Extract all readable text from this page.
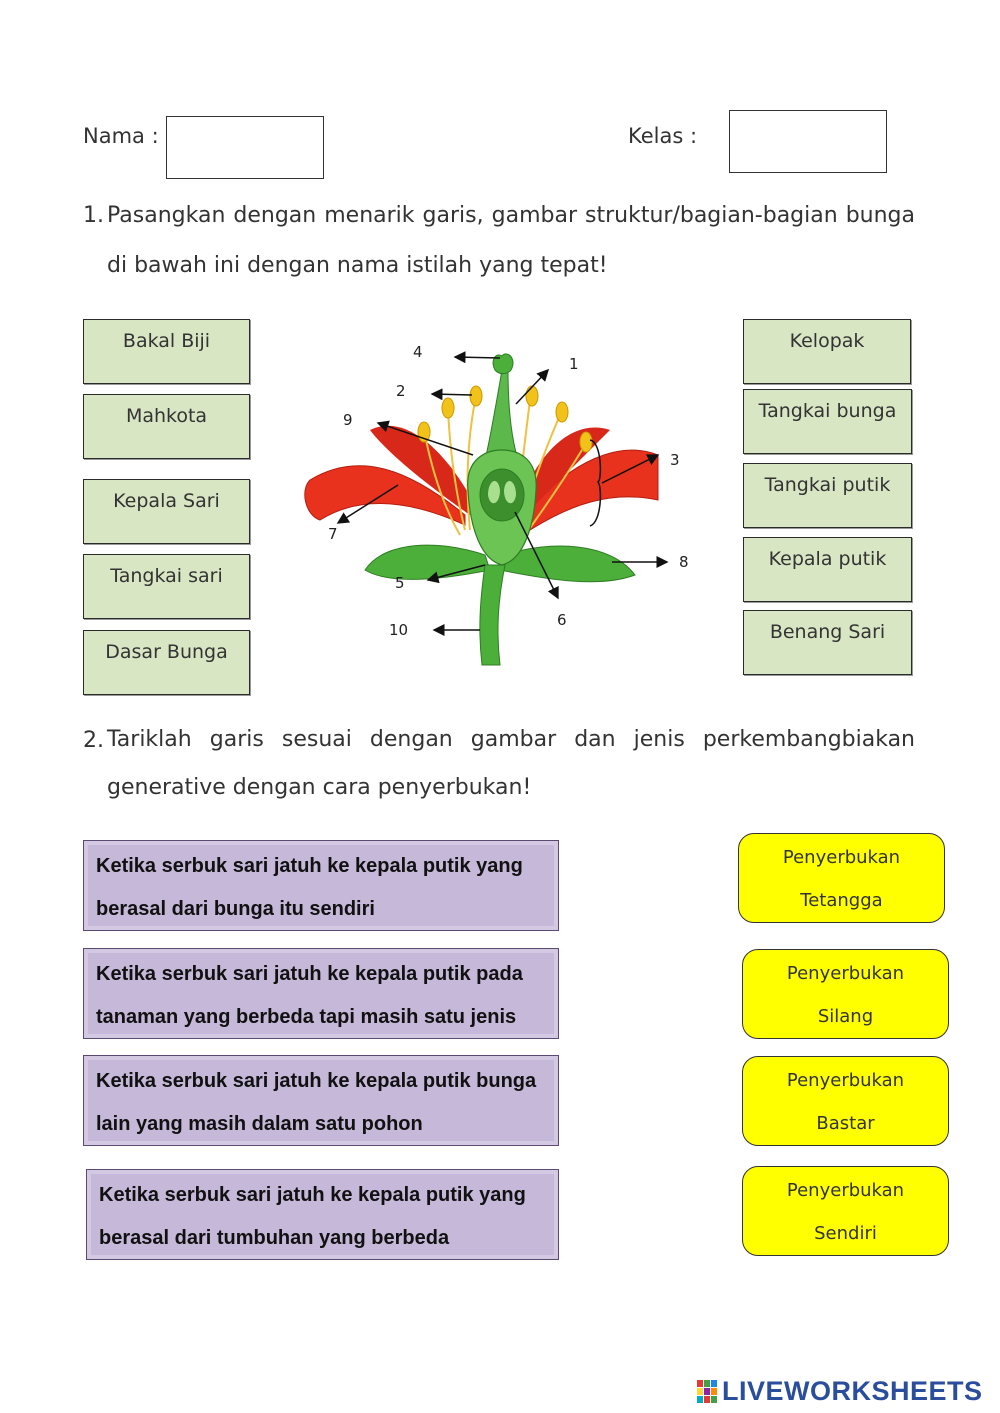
Nama :	Kelas :
1. Pasangkan dengan menarik garis, gambar struktur/bagian-bagian bunga
di bawah ini dengan nama istilah yang tepat!
Bakal Biji
Mahkota
Kepala Sari
Tangkai sari
Dasar Bunga
Kelopak
Tangkai bunga
Tangkai putik
Kepala putik
Benang Sari
1
2
3
4
5
6
7
8
9
10
2. Tariklah garis sesuai dengan gambar dan jenis perkembangbiakan
generative dengan cara penyerbukan!
Ketika serbuk sari jatuh ke kepala putik yang
berasal dari bunga itu sendiri
Ketika serbuk sari jatuh ke kepala putik pada
tanaman yang berbeda tapi masih satu jenis
Ketika serbuk sari jatuh ke kepala putik bunga
lain yang masih dalam satu pohon
Ketika serbuk sari jatuh ke kepala putik yang
berasal dari tumbuhan yang berbeda
Penyerbukan
Tetangga
Penyerbukan
Silang
Penyerbukan
Bastar
Penyerbukan
Sendiri
LIVEWORKSHEETS
